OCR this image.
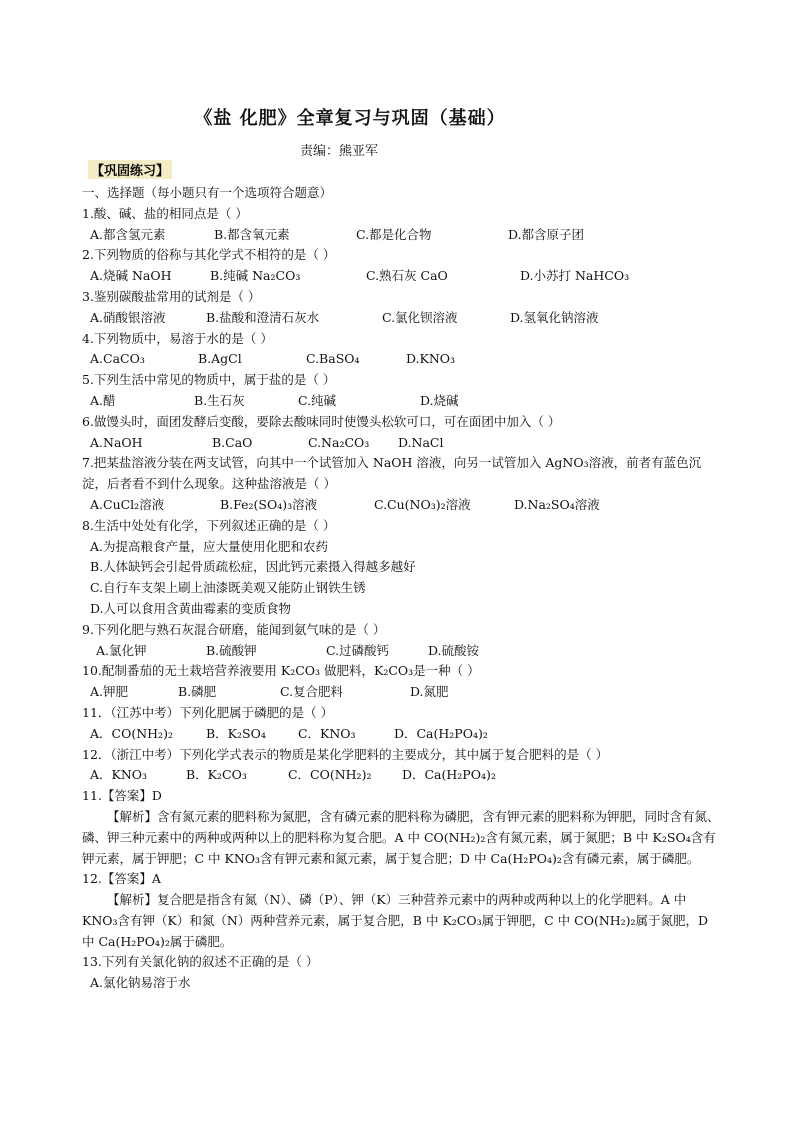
《盐 化肥》全章复习与巩固（基础）
责编：熊亚军
【巩固练习】
一、选择题（每小题只有一个选项符合题意）
1.酸、碱、盐的相同点是（ ）
A.都含氢元素	B.都含氧元素	C.都是化合物	D.都含原子团
2.下列物质的俗称与其化学式不相符的是（ ）
A.烧碱 NaOH	B.纯碱 Na₂CO₃	C.熟石灰 CaO	D.小苏打 NaHCO₃
3.鉴别碳酸盐常用的试剂是（ ）
A.硝酸银溶液	B.盐酸和澄清石灰水	C.氯化钡溶液	D.氢氧化钠溶液
4.下列物质中，易溶于水的是（ ）
A.CaCO₃	B.AgCl	C.BaSO₄	D.KNO₃
5.下列生活中常见的物质中，属于盐的是（ ）
A.醋	B.生石灰	C.纯碱	D.烧碱
6.做馒头时，面团发酵后变酸，要除去酸味同时使馒头松软可口，可在面团中加入（ ）
A.NaOH	B.CaO	C.Na₂CO₃ D.NaCl
7.把某盐溶液分装在两支试管，向其中一个试管加入 NaOH 溶液，向另一试管加入 AgNO₃溶液，前者有蓝色沉淀，后者看不到什么现象。这种盐溶液是（ ）
A.CuCl₂溶液	B.Fe₂(SO₄)₃溶液	C.Cu(NO₃)₂溶液	D.Na₂SO₄溶液
8.生活中处处有化学，下列叙述正确的是（ ）
A.为提高粮食产量，应大量使用化肥和农药
B.人体缺钙会引起骨质疏松症，因此钙元素摄入得越多越好
C.自行车支架上刷上油漆既美观又能防止钢铁生锈
D.人可以食用含黄曲霉素的变质食物
9.下列化肥与熟石灰混合研磨，能闻到氨气味的是（ ）
A.氯化钾	B.硫酸钾	C.过磷酸钙	D.硫酸铵
10.配制番茄的无土栽培营养液要用 K₂CO₃ 做肥料，K₂CO₃是一种（ ）
A.钾肥	B.磷肥	C.复合肥料	D.氮肥
11．（江苏中考）下列化肥属于磷肥的是（ ）
A．CO(NH₂)₂	B．K₂SO₄	C．KNO₃	D．Ca(H₂PO₄)₂
12．（浙江中考）下列化学式表示的物质是某化学肥料的主要成分，其中属于复合肥料的是（ ）
A．KNO₃	B．K₂CO₃	C．CO(NH₂)₂ D．Ca(H₂PO₄)₂
11.【答案】D
【解析】含有氮元素的肥料称为氮肥，含有磷元素的肥料称为磷肥，含有钾元素的肥料称为钾肥，同时含有氮、磷、钾三种元素中的两种或两种以上的肥料称为复合肥。A 中 CO(NH₂)₂含有氮元素，属于氮肥；B 中 K₂SO₄含有钾元素，属于钾肥；C 中 KNO₃含有钾元素和氮元素，属于复合肥；D 中 Ca(H₂PO₄)₂含有磷元素，属于磷肥。
12.【答案】A
【解析】复合肥是指含有氮（N）、磷（P）、钾（K）三种营养元素中的两种或两种以上的化学肥料。A 中 KNO₃含有钾（K）和氮（N）两种营养元素，属于复合肥，B 中 K₂CO₃属于钾肥，C 中 CO(NH₂)₂属于氮肥，D 中 Ca(H₂PO₄)₂属于磷肥。
13.下列有关氯化钠的叙述不正确的是（ ）
A.氯化钠易溶于水
